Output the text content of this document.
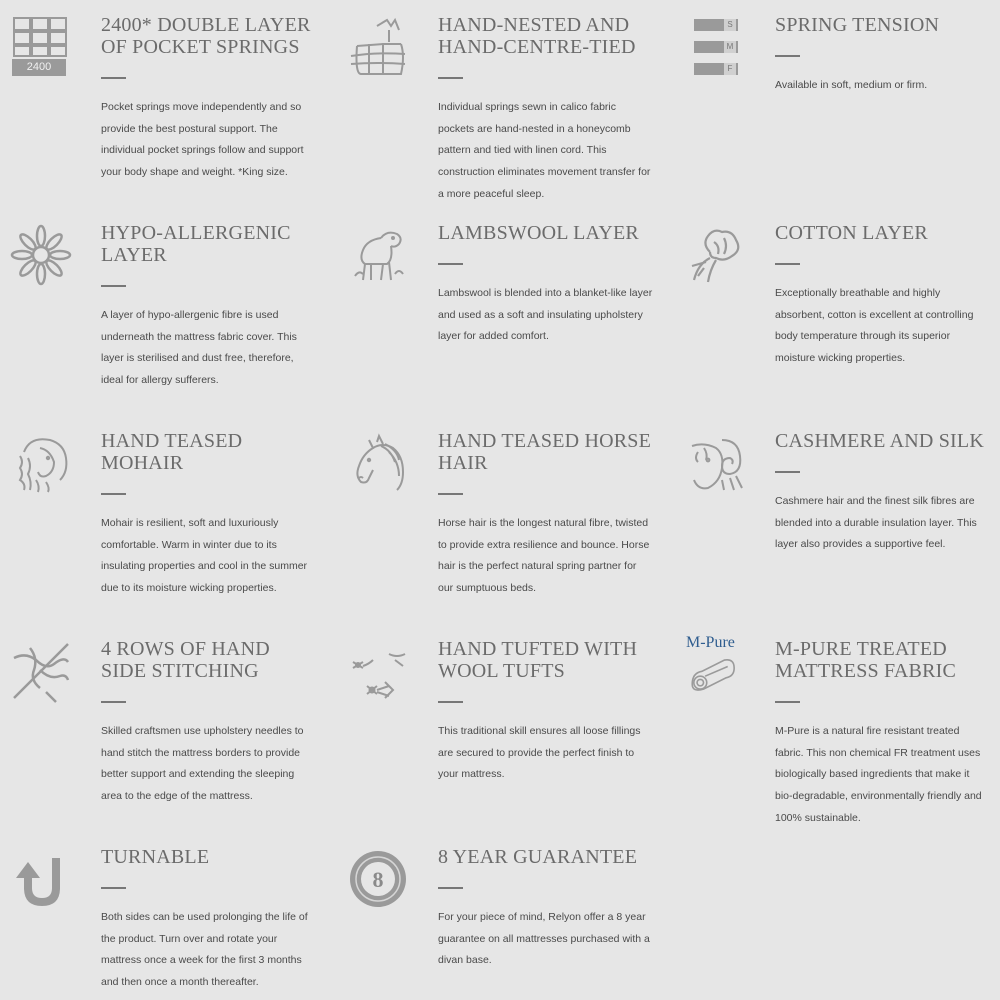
2400
2400* DOUBLE LAYER
OF POCKET SPRINGS
Pocket springs move independently and so provide the best postural support. The individual pocket springs follow and support your body shape and weight. *King size.
HAND-NESTED AND
HAND-CENTRE-TIED
Individual springs sewn in calico fabric pockets are hand-nested in a honeycomb pattern and tied with linen cord. This construction eliminates movement transfer for a more peaceful sleep.
S
M
F
SPRING TENSION
Available in soft, medium or firm.
HYPO-ALLERGENIC
LAYER
A layer of hypo-allergenic fibre is used underneath the mattress fabric cover. This layer is sterilised and dust free, therefore, ideal for allergy sufferers.
LAMBSWOOL LAYER
Lambswool is blended into a blanket-like layer and used as a soft and insulating upholstery layer for added comfort.
COTTON LAYER
Exceptionally breathable and highly absorbent, cotton is excellent at controlling body temperature through its superior moisture wicking properties.
HAND TEASED
MOHAIR
Mohair is resilient, soft and luxuriously comfortable. Warm in winter due to its insulating properties and cool in the summer due to its moisture wicking properties.
HAND TEASED HORSE
HAIR
Horse hair is the longest natural fibre, twisted to provide extra resilience and bounce. Horse hair is the perfect natural spring partner for our sumptuous beds.
CASHMERE AND SILK
Cashmere hair and the finest silk fibres are blended into a durable insulation layer. This layer also provides a supportive feel.
4 ROWS OF HAND
SIDE STITCHING
Skilled craftsmen use upholstery needles to hand stitch the mattress borders to provide better support and extending the sleeping area to the edge of the mattress.
HAND TUFTED WITH
WOOL TUFTS
This traditional skill ensures all loose fillings are secured to provide the perfect finish to your mattress.
M-Pure M-PURE TREATED
MATTRESS FABRIC
M-Pure is a natural fire resistant treated fabric. This non chemical FR treatment uses biologically based ingredients that make it bio-degradable, environmentally friendly and 100% sustainable.
TURNABLE
Both sides can be used prolonging the life of the product. Turn over and rotate your mattress once a week for the first 3 months and then once a month thereafter.
8
8 YEAR GUARANTEE
For your piece of mind, Relyon offer a 8 year guarantee on all mattresses purchased with a divan base.
